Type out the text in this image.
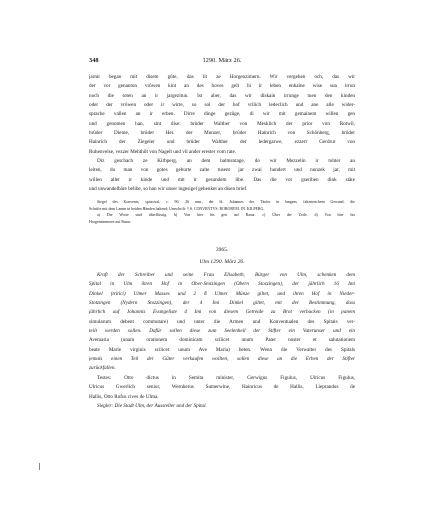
348	1290. März 26.
jarnit began mit disem gůte, das lit ze Horgenzimern. Wir vergehen och, das wir
der vor genanton vrôwen kint an des hoves gelt bi ir leben enhaine wise sun irrun
noch die toten an ir jargezitun. Ist aber, das wir diskain irrunge tuen den kinden
oder der vrôwen oder ir wirte, so sol der hof vrilich ledeclich und ane alle wider-
sprache vallen an ir erben. Dirre dinge gezûge, di wir mit gemainem willen gen
und genomen han, sint dise: brûder Walther von Mesklich der prior von Rotwil,
brûder Dieme, brûder Her. der Munzer, brûder Hainrich von Schônberg, brûder
Hainrich der Ziegeler und brûder Walther der ledergarwe, ezzerr Gerdrut von
Ruhenvelse, vezzer Mehthilt von Nagelt und vil ander erester vom rate.
Diz geschach ze Kirbperg, an dem balmsntage, do wir Mezzelin ir tohter au
leiten, do man von gotes geburte zalte tusent jar zwai hundert und nunzek jar, mit
willen aller ir kinde und mit ir gesundem libe. Das die vor gseriben dink stäte
und unwandelbäre belibe, so han wir unser ingesigel gehenket an disen brief.
Siegel des Konvents, spitzoval, c. 90, 26 mm., der hl. Johannes der Täufer in langem, faltenreichem Gewand, die
Schrifte mit dem Lamm in beiden Händen haltend; Umschrift: † S. CONVENTVS. ROBORVM. IN. KILPERG.
a) Die Worte sind überflüssig. b) Von hier bis gen auf Rasur. c) Über der Zeile. d) Von hier bis
Horgenzimmern auf Rasur.
3965.
Ulm 1290. März 26.
Kraft der Schreiber und seine Frau Elisabeth, Bürger von Ulm, schenken dem
Spital in Ulm ihren Hof in Ober-Stotzingen (Obern Stozzingen), der jährlich 16 Imi
Dinkel (tritici) Ulmer Masses und 2 ß Ulmer Münze giltet, und ihren Hof in Nieder-
Stotzingen (Nydern Stozzingen), der 4 Imi Dinkel giltet, mit der Bestimmung, dass
jährlich auf Johannis Evangeliste 4 Imi von diesem Getreide zu Brot verbacken (in panem
simularum debent commutare) und unter die Armen und Konventualen des Spitals ver-
teilt werden sollen. Dafür sollen diese zum Seelenheil der Stifter ein Vaterunser und ein
Avemaria (unam orationem dominicam scilicet unum Pater noster et salutationem
beate Marie virginis scilicet unum Ave Maria) beten. Wenn die Verwalter des Spitals
jemals einen Teil der Güter verkaufen wollten, sollen diese an die Erben der Stifter
zurückfallen.
Testes: Otto dictus in Semita minister, Gerwigus Figulus, Ulricus Figulus,
Ulricus Gwerlich senior, Wernherus Sumerwine, Hainricus de Hallis, Lieprandus de
Hallis, Otto Rufus cives de Ulma.
Siegler: Die Stadt Ulm, der Aussteller und der Spital.
